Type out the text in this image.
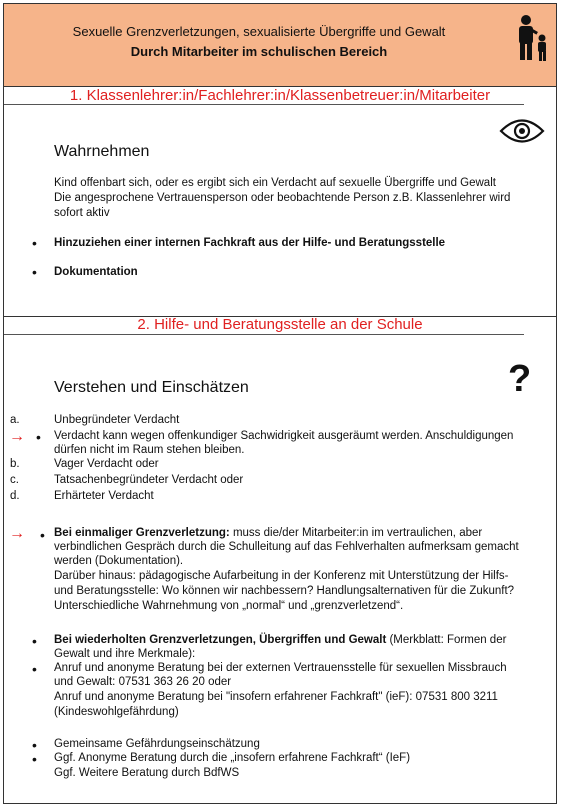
Sexuelle Grenzverletzungen, sexualisierte Übergriffe und Gewalt
Durch Mitarbeiter im schulischen Bereich
1. Klassenlehrer:in/Fachlehrer:in/Klassenbetreuer:in/Mitarbeiter
Wahrnehmen
Kind offenbart sich, oder es ergibt sich ein Verdacht auf sexuelle Übergriffe und Gewalt
Die angesprochene Vertrauensperson oder beobachtende Person z.B. Klassenlehrer wird
sofort aktiv
• Hinzuziehen einer internen Fachkraft aus der Hilfe- und Beratungsstelle
• Dokumentation
2. Hilfe- und Beratungsstelle an der Schule
?
Verstehen und Einschätzen
a.	Unbegründeter Verdacht
→ • Verdacht kann wegen offenkundiger Sachwidrigkeit ausgeräumt werden. Anschuldigungen
dürfen nicht im Raum stehen bleiben.
b.	Vager Verdacht oder
c.	Tatsachenbegründeter Verdacht oder
d.	Erhärteter Verdacht
→ • Bei einmaliger Grenzverletzung: muss die/der Mitarbeiter:in im vertraulichen, aber
verbindlichen Gespräch durch die Schulleitung auf das Fehlverhalten aufmerksam gemacht
werden (Dokumentation).
Darüber hinaus: pädagogische Aufarbeitung in der Konferenz mit Unterstützung der Hilfs-
und Beratungsstelle: Wo können wir nachbessern? Handlungsalternativen für die Zukunft?
Unterschiedliche Wahrnehmung von „normal“ und „grenzverletzend“.
• Bei wiederholten Grenzverletzungen, Übergriffen und Gewalt (Merkblatt: Formen der
Gewalt und ihre Merkmale):
• Anruf und anonyme Beratung bei der externen Vertrauensstelle für sexuellen Missbrauch
und Gewalt: 07531 363 26 20 oder
Anruf und anonyme Beratung bei "insofern erfahrener Fachkraft" (ieF): 07531 800 3211
(Kindeswohlgefährdung)
• Gemeinsame Gefährdungseinschätzung
• Ggf. Anonyme Beratung durch die „insofern erfahrene Fachkraft“ (IeF)
Ggf. Weitere Beratung durch BdfWS
